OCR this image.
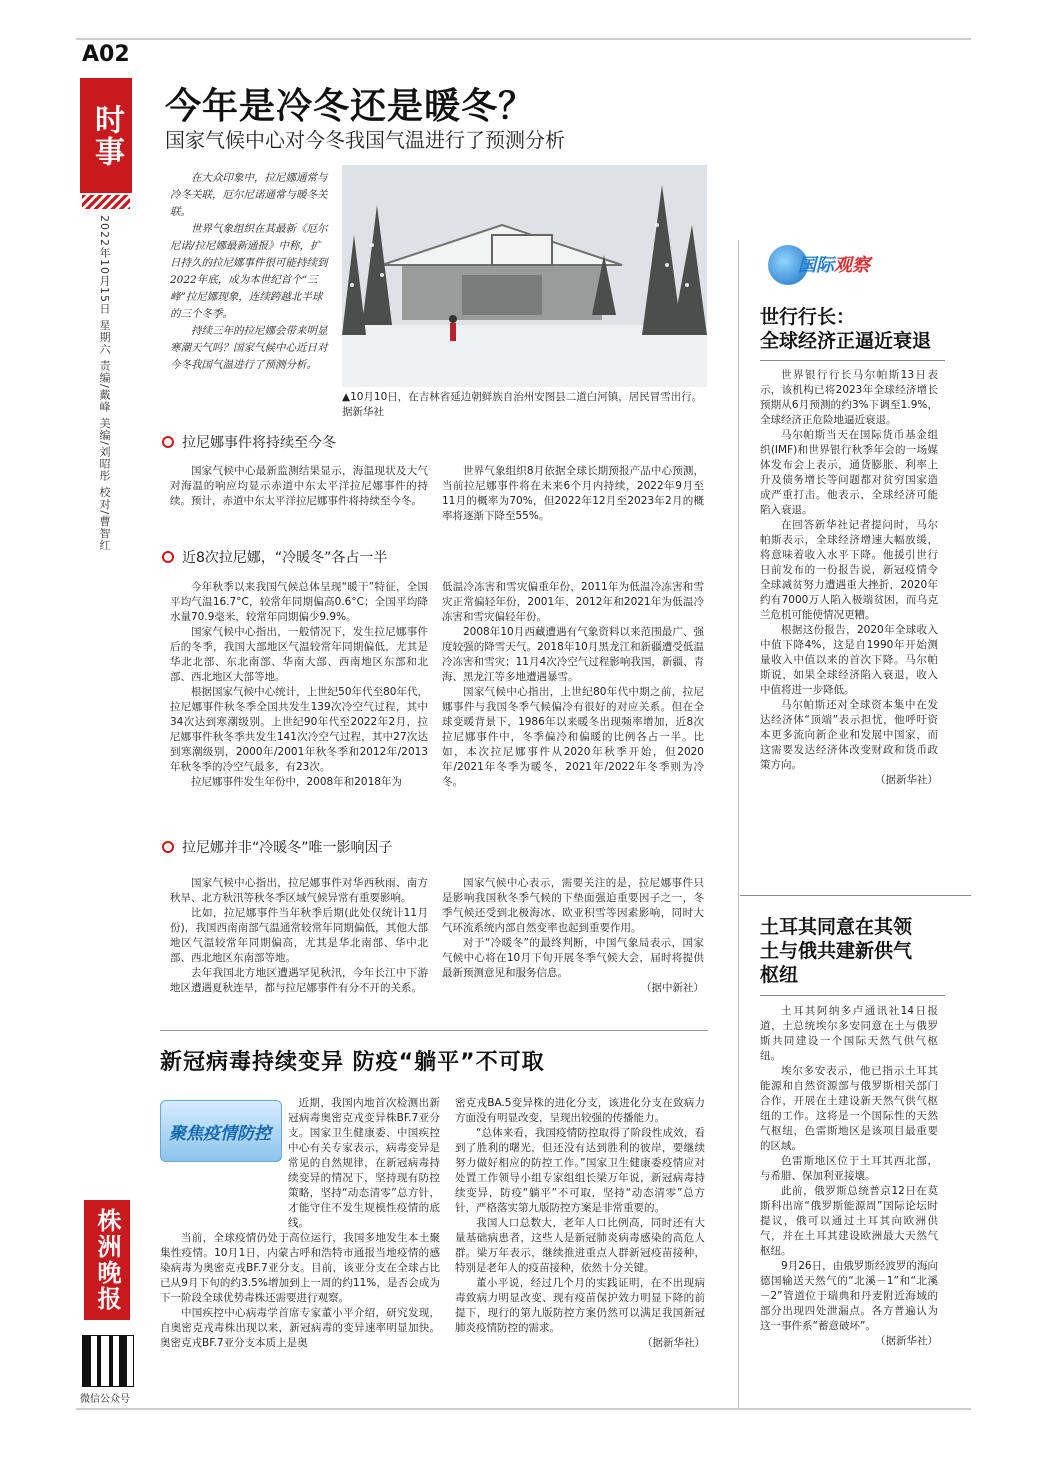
A02
时事
2022年10月15日 星期六 责编/戴峰 美编/刘昭彤 校对/曹智红
株洲晚报
微信公众号
今年是冷冬还是暖冬？
国家气候中心对今冬我国气温进行了预测分析

在大众印象中，拉尼娜通常与冷冬关联，厄尔尼诺通常与暖冬关联。

世界气象组织在其最新《厄尔尼诺/拉尼娜最新通报》中称，扩日持久的拉尼娜事件很可能持续到2022年底，成为本世纪首个“三峰”拉尼娜现象，连续跨越北半球的三个冬季。

持续三年的拉尼娜会带来明显寒潮天气吗？国家气候中心近日对今冬我国气温进行了预测分析。

▲10月10日，在吉林省延边朝鲜族自治州安图县二道白河镇，居民冒雪出行。据新华社
拉尼娜事件将持续至今冬

国家气候中心最新监测结果显示，海温现状及大气对海温的响应均显示赤道中东太平洋拉尼娜事件的持续。预计，赤道中东太平洋拉尼娜事件将持续至今冬。

世界气象组织8月依据全球长期预报产品中心预测，当前拉尼娜事件将在未来6个月内持续，2022年9月至11月的概率为70%，但2022年12月至2023年2月的概率将逐渐下降至55%。

近8次拉尼娜，“冷暖冬”各占一半

今年秋季以来我国气候总体呈现“暖干”特征，全国平均气温16.7°C，较常年同期偏高0.6°C；全国平均降水量70.9毫米，较常年同期偏少9.9%。

国家气候中心指出，一般情况下，发生拉尼娜事件后的冬季，我国大部地区气温较常年同期偏低，尤其是华北北部、东北南部、华南大部、西南地区东部和北部、西北地区大部等地。

根据国家气候中心统计，上世纪50年代至80年代，拉尼娜事件秋冬季全国共发生139次冷空气过程，其中34次达到寒潮级别。上世纪90年代至2022年2月，拉尼娜事件秋冬季共发生141次冷空气过程，其中27次达到寒潮级别，2000年/2001年秋冬季和2012年/2013年秋冬季的冷空气最多，有23次。

拉尼娜事件发生年份中，2008年和2018年为

低温冷冻害和雪灾偏重年份，2011年为低温冷冻害和雪灾正常偏轻年份，2001年、2012年和2021年为低温冷冻害和雪灾偏轻年份。

2008年10月西藏遭遇有气象资料以来范围最广、强度较强的降雪天气。2018年10月黑龙江和新疆遭受低温冷冻害和雪灾；11月4次冷空气过程影响我国，新疆、青海、黑龙江等多地遭遇暴雪。

国家气候中心指出，上世纪80年代中期之前，拉尼娜事件与我国冬季气候偏冷有很好的对应关系。但在全球变暖背景下，1986年以来暖冬出现频率增加，近8次拉尼娜事件中，冬季偏冷和偏暖的比例各占一半。比如，本次拉尼娜事件从2020年秋季开始，但2020年/2021年冬季为暖冬，2021年/2022年冬季则为冷冬。

拉尼娜并非“冷暖冬”唯一影响因子

国家气候中心指出，拉尼娜事件对华西秋雨、南方秋旱、北方秋汛等秋冬季区域气候异常有重要影响。

比如，拉尼娜事件当年秋季后期(此处仅统计11月份)，我国西南南部气温通常较常年同期偏低，其他大部地区气温较常年同期偏高，尤其是华北南部、华中北部、西北地区东南部等地。

去年我国北方地区遭遇罕见秋汛，今年长江中下游地区遭遇夏秋连旱，都与拉尼娜事件有分不开的关系。

国家气候中心表示，需要关注的是，拉尼娜事件只是影响我国秋冬季气候的下垫面强迫重要因子之一，冬季气候还受到北极海冰、欧亚积雪等因素影响，同时大气环流系统内部自然变率也起到重要作用。

对于“冷暖冬”的最终判断，中国气象局表示，国家气候中心将在10月下旬开展冬季气候大会，届时将提供最新预测意见和服务信息。

（据中新社）
新冠病毒持续变异 防疫“躺平”不可取
聚焦疫情防控

近期，我国内地首次检测出新冠病毒奥密克戎变异株BF.7亚分支。国家卫生健康委、中国疾控中心有关专家表示，病毒变异是常见的自然规律，在新冠病毒持续变异的情况下，坚持现有防控策略，坚持“动态清零”总方针，才能守住不发生规模性疫情的底线。

当前，全球疫情仍处于高位运行，我国多地发生本土聚集性疫情。10月1日，内蒙古呼和浩特市通报当地疫情的感染病毒为奥密克戎BF.7亚分支。目前，该亚分支在全球占比已从9月下旬的约3.5%增加到上一周的约11%，是否会成为下一阶段全球优势毒株还需要进行观察。

中国疾控中心病毒学首席专家董小平介绍，研究发现，自奥密克戎毒株出现以来，新冠病毒的变异速率明显加快。奥密克戎BF.7亚分支本质上是奥

密克戎BA.5变异株的进化分支，该进化分支在致病力方面没有明显改变，呈现出较强的传播能力。

“总体来看，我国疫情防控取得了阶段性成效，看到了胜利的曙光，但还没有达到胜利的彼岸，要继续努力做好相应的防控工作。”国家卫生健康委疫情应对处置工作领导小组专家组组长梁万年说，新冠病毒持续变异，防疫“躺平”不可取，坚持“动态清零”总方针，严格落实第九版防控方案是非常重要的。

我国人口总数大，老年人口比例高，同时还有大量基础病患者，这些人是新冠肺炎病毒感染的高危人群。梁万年表示，继续推进重点人群新冠疫苗接种，特别是老年人的疫苗接种，依然十分关键。

董小平说，经过几个月的实践证明，在不出现病毒致病力明显改变、现有疫苗保护效力明显下降的前提下，现行的第九版防控方案仍然可以满足我国新冠肺炎疫情防控的需求。

（据新华社）
国际观察
世行行长：
全球经济正逼近衰退

世界银行行长马尔帕斯13日表示，该机构已将2023年全球经济增长预期从6月预测的约3%下调至1.9%，全球经济正危险地逼近衰退。

马尔帕斯当天在国际货币基金组织(IMF)和世界银行秋季年会的一场媒体发布会上表示，通货膨胀、利率上升及债务增长等问题都对贫穷国家造成严重打击。他表示，全球经济可能陷入衰退。

在回答新华社记者提问时，马尔帕斯表示，全球经济增速大幅放缓，将意味着收入水平下降。他援引世行日前发布的一份报告说，新冠疫情令全球减贫努力遭遇重大挫折，2020年约有7000万人陷入极端贫困，而乌克兰危机可能使情况更糟。

根据这份报告，2020年全球收入中值下降4%，这是自1990年开始测量收入中值以来的首次下降。马尔帕斯说，如果全球经济陷入衰退，收入中值将进一步降低。

马尔帕斯还对全球资本集中在发达经济体“顶端”表示担忧，他呼吁资本更多流向新企业和发展中国家，而这需要发达经济体改变财政和货币政策方向。

（据新华社）
土耳其同意在其领
土与俄共建新供气
枢纽

土耳其阿纳多卢通讯社14日报道，土总统埃尔多安同意在土与俄罗斯共同建设一个国际天然气供气枢纽。

埃尔多安表示，他已指示土耳其能源和自然资源部与俄罗斯相关部门合作，开展在土建设新天然气供气枢纽的工作。这将是一个国际性的天然气枢纽，色雷斯地区是该项目最重要的区域。

色雷斯地区位于土耳其西北部，与希腊、保加利亚接壤。

此前，俄罗斯总统普京12日在莫斯科出席“俄罗斯能源周”国际论坛时提议，俄可以通过土耳其向欧洲供气，并在土耳其建设欧洲最大天然气枢纽。

9月26日，由俄罗斯经波罗的海向德国输送天然气的“北溪－1”和“北溪－2”管道位于瑞典和丹麦附近海域的部分出现四处泄漏点。各方普遍认为这一事件系“蓄意破坏”。

（据新华社）
